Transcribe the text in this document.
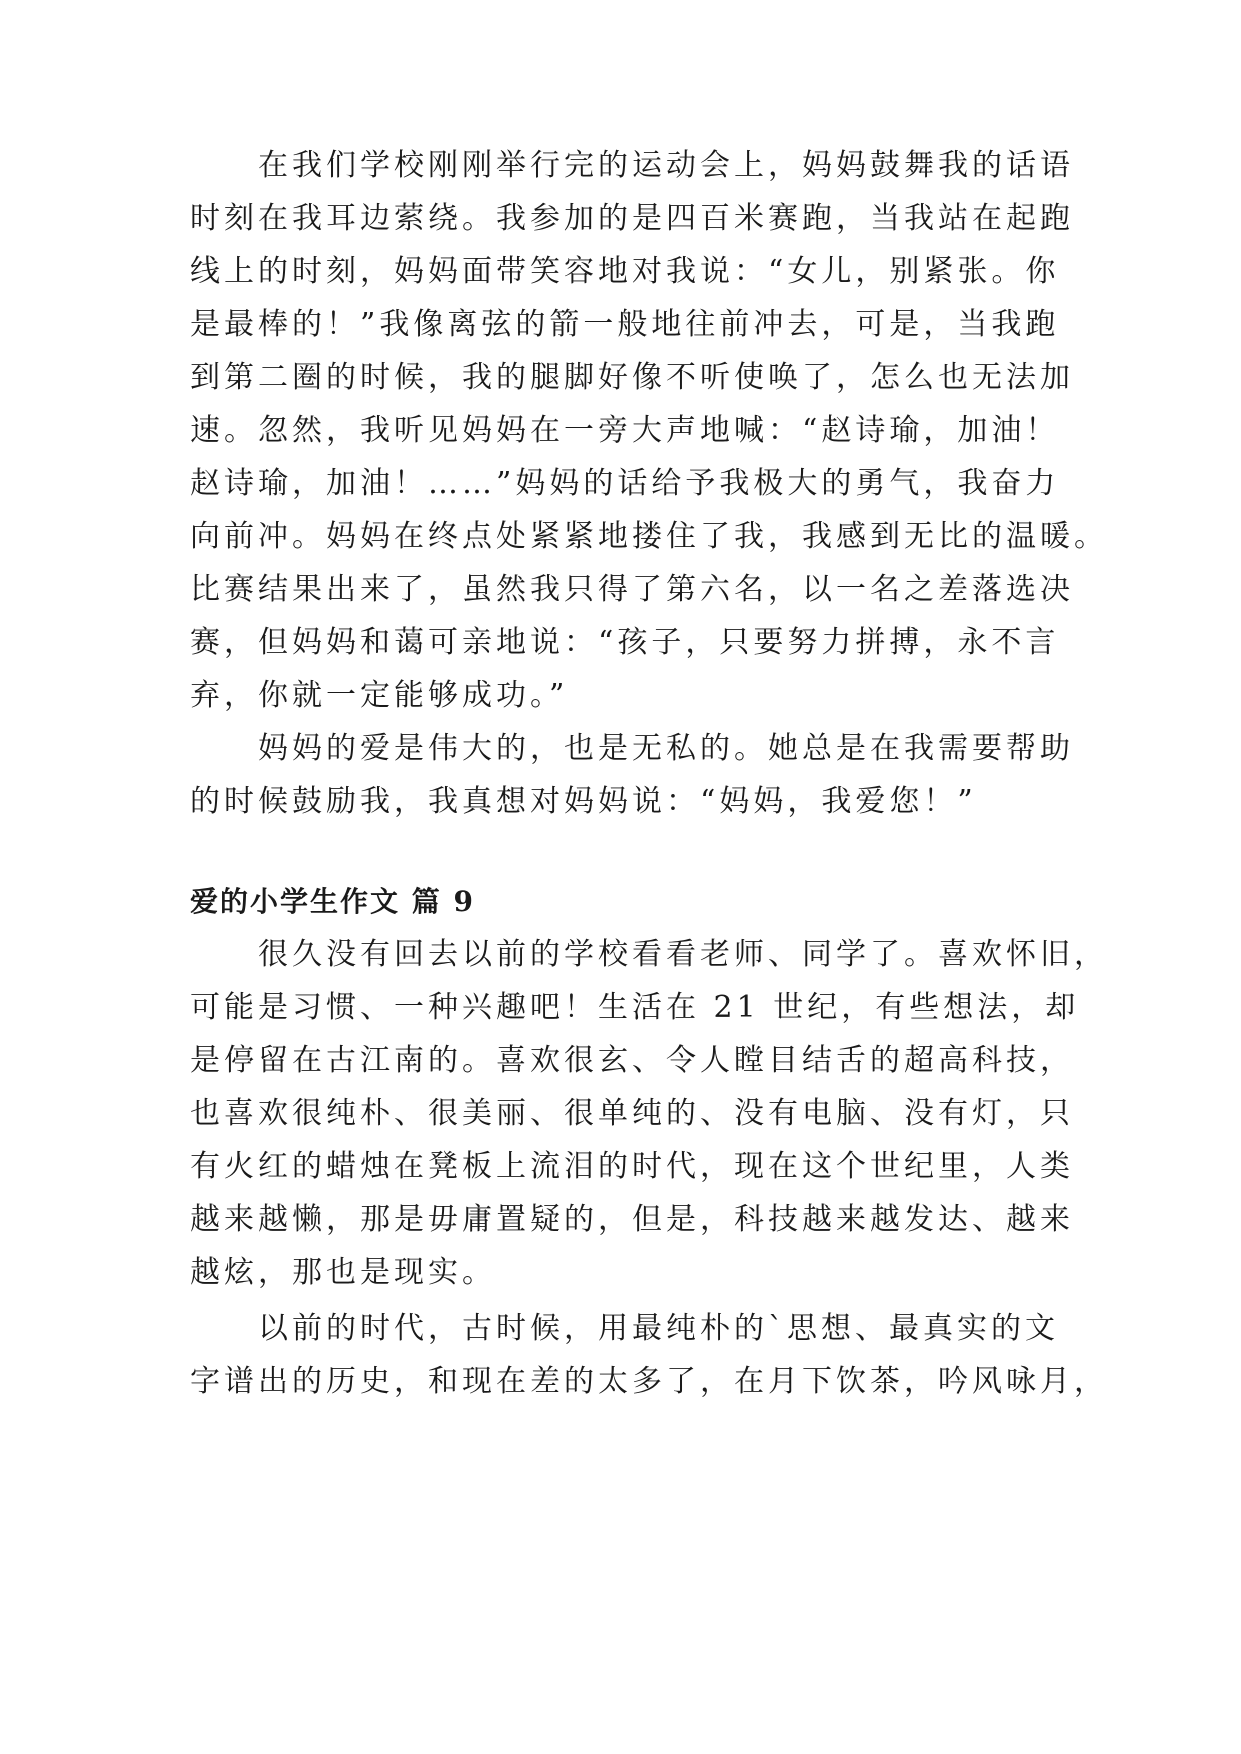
在我们学校刚刚举行完的运动会上，妈妈鼓舞我的话语

时刻在我耳边萦绕。我参加的是四百米赛跑，当我站在起跑

线上的时刻，妈妈面带笑容地对我说：“女儿，别紧张。你

是最棒的！”我像离弦的箭一般地往前冲去，可是，当我跑

到第二圈的时候，我的腿脚好像不听使唤了，怎么也无法加

速。忽然，我听见妈妈在一旁大声地喊：“赵诗瑜，加油！

赵诗瑜，加油！……”妈妈的话给予我极大的勇气，我奋力

向前冲。妈妈在终点处紧紧地搂住了我，我感到无比的温暖。

比赛结果出来了，虽然我只得了第六名，以一名之差落选决

赛，但妈妈和蔼可亲地说：“孩子，只要努力拼搏，永不言

弃，你就一定能够成功。”

妈妈的爱是伟大的，也是无私的。她总是在我需要帮助

的时候鼓励我，我真想对妈妈说：“妈妈，我爱您！”

爱的小学生作文 篇 9

很久没有回去以前的学校看看老师、同学了。喜欢怀旧，

可能是习惯、一种兴趣吧！生活在 21 世纪，有些想法，却

是停留在古江南的。喜欢很玄、令人瞠目结舌的超高科技，

也喜欢很纯朴、很美丽、很单纯的、没有电脑、没有灯，只

有火红的蜡烛在凳板上流泪的时代，现在这个世纪里，人类

越来越懒，那是毋庸置疑的，但是，科技越来越发达、越来

越炫，那也是现实。

以前的时代，古时候，用最纯朴的`思想、最真实的文

字谱出的历史，和现在差的太多了，在月下饮茶，吟风咏月，
